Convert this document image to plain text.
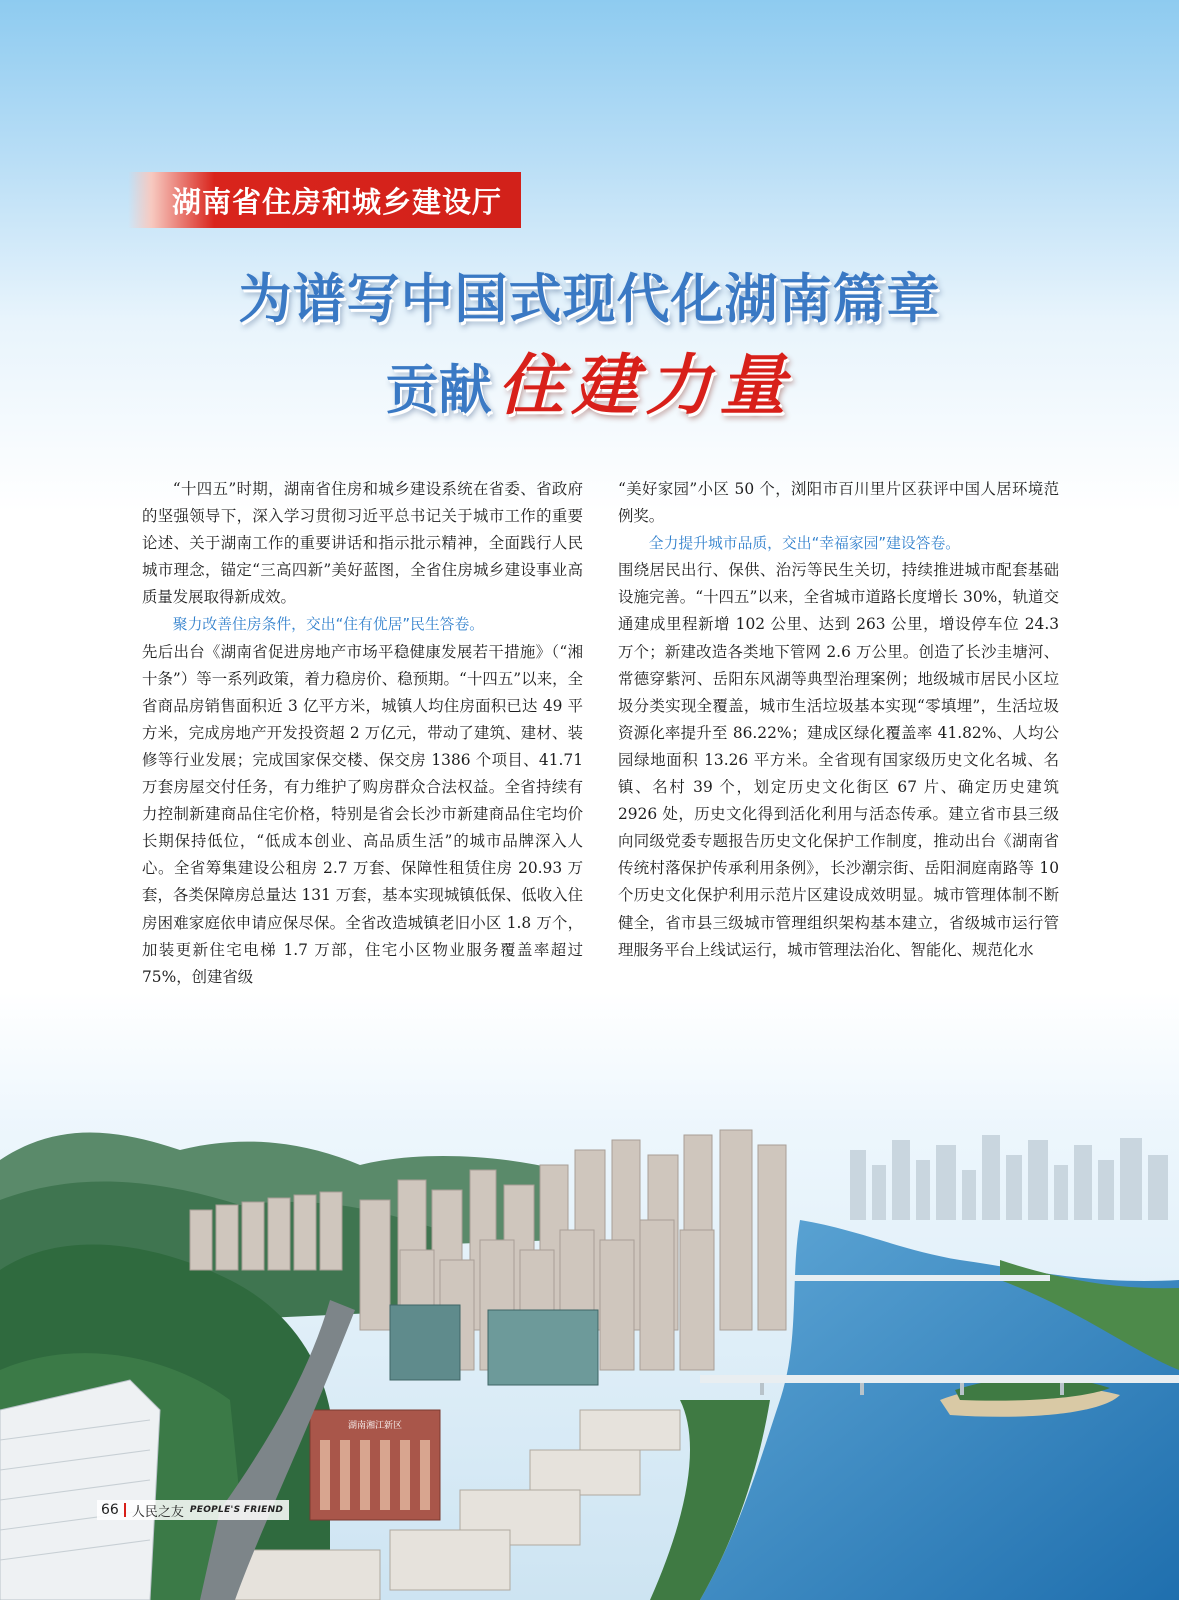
湖南省住房和城乡建设厅
为谱写中国式现代化湖南篇章
贡献 住建力量

“十四五”时期，湖南省住房和城乡建设系统在省委、省政府的坚强领导下，深入学习贯彻习近平总书记关于城市工作的重要论述、关于湖南工作的重要讲话和指示批示精神，全面践行人民城市理念，锚定“三高四新”美好蓝图，全省住房城乡建设事业高质量发展取得新成效。

聚力改善住房条件，交出“住有优居”民生答卷。

先后出台《湖南省促进房地产市场平稳健康发展若干措施》（“湘十条”）等一系列政策，着力稳房价、稳预期。“十四五”以来，全省商品房销售面积近 3 亿平方米，城镇人均住房面积已达 49 平方米，完成房地产开发投资超 2 万亿元，带动了建筑、建材、装修等行业发展；完成国家保交楼、保交房 1386 个项目、41.71 万套房屋交付任务，有力维护了购房群众合法权益。全省持续有力控制新建商品住宅价格，特别是省会长沙市新建商品住宅均价长期保持低位，“低成本创业、高品质生活”的城市品牌深入人心。全省筹集建设公租房 2.7 万套、保障性租赁住房 20.93 万套，各类保障房总量达 131 万套，基本实现城镇低保、低收入住房困难家庭依申请应保尽保。全省改造城镇老旧小区 1.8 万个，加装更新住宅电梯 1.7 万部，住宅小区物业服务覆盖率超过 75%，创建省级

“美好家园”小区 50 个，浏阳市百川里片区获评中国人居环境范例奖。

全力提升城市品质，交出“幸福家园”建设答卷。

围绕居民出行、保供、治污等民生关切，持续推进城市配套基础设施完善。“十四五”以来，全省城市道路长度增长 30%，轨道交通建成里程新增 102 公里、达到 263 公里，增设停车位 24.3 万个；新建改造各类地下管网 2.6 万公里。创造了长沙圭塘河、常德穿紫河、岳阳东风湖等典型治理案例；地级城市居民小区垃圾分类实现全覆盖，城市生活垃圾基本实现“零填埋”，生活垃圾资源化率提升至 86.22%；建成区绿化覆盖率 41.82%、人均公园绿地面积 13.26 平方米。全省现有国家级历史文化名城、名镇、名村 39 个，划定历史文化街区 67 片、确定历史建筑 2926 处，历史文化得到活化利用与活态传承。建立省市县三级向同级党委专题报告历史文化保护工作制度，推动出台《湖南省传统村落保护传承利用条例》，长沙潮宗街、岳阳洞庭南路等 10 个历史文化保护利用示范片区建设成效明显。城市管理体制不断健全，省市县三级城市管理组织架构基本建立，省级城市运行管理服务平台上线试运行，城市管理法治化、智能化、规范化水

湖南湘江新区
66 人民之友 PEOPLE'S FRIEND
